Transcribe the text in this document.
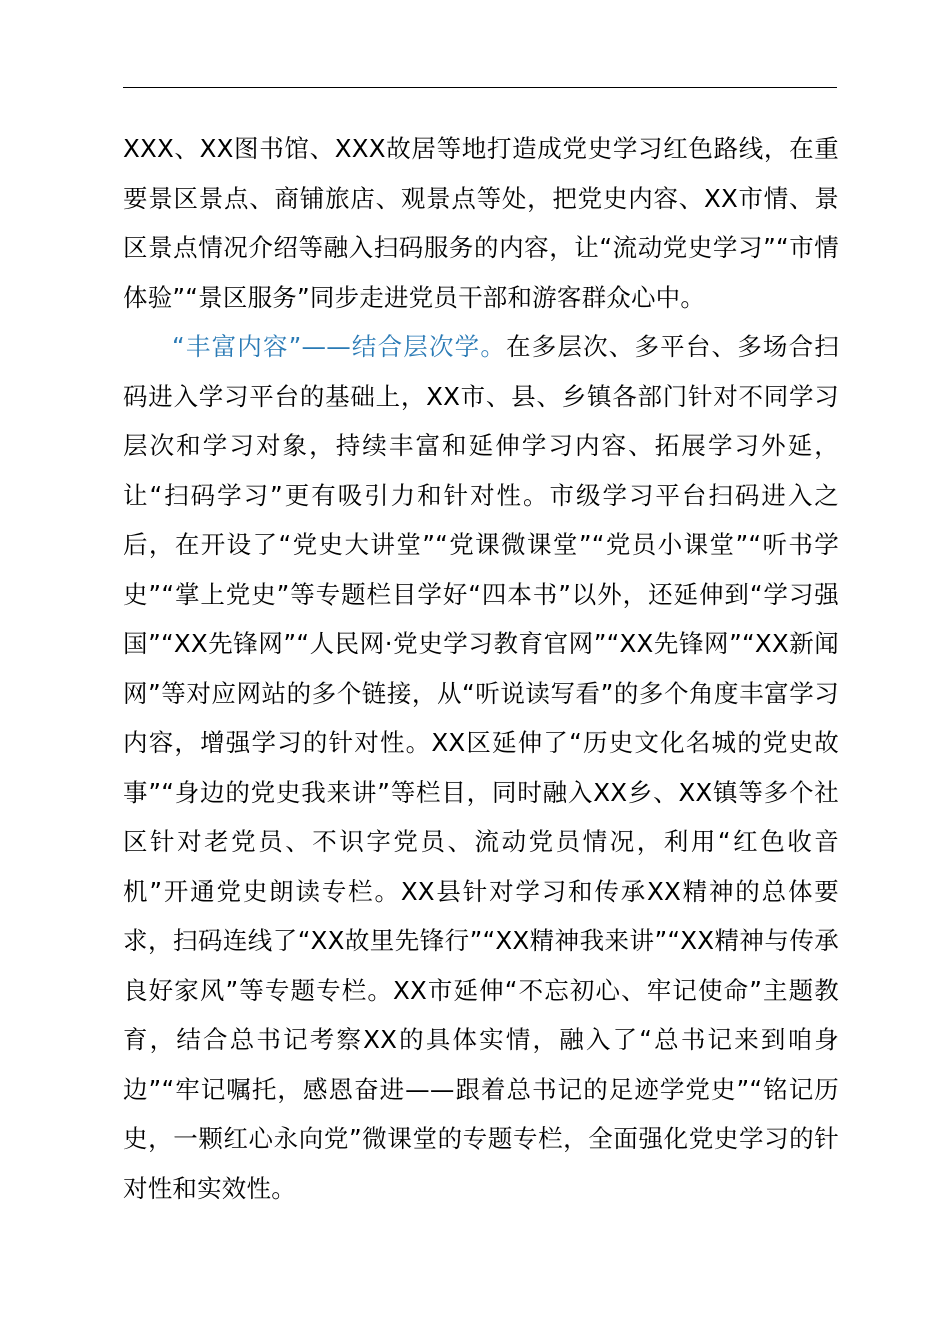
XXX、XX图书馆、XXX故居等地打造成党史学习红色路线，在重要景区景点、商铺旅店、观景点等处，把党史内容、XX市情、景区景点情况介绍等融入扫码服务的内容，让“流动党史学习”“市情体验”“景区服务”同步走进党员干部和游客群众心中。

“丰富内容”——结合层次学。在多层次、多平台、多场合扫码进入学习平台的基础上，XX市、县、乡镇各部门针对不同学习层次和学习对象，持续丰富和延伸学习内容、拓展学习外延，让“扫码学习”更有吸引力和针对性。市级学习平台扫码进入之后，在开设了“党史大讲堂”“党课微课堂”“党员小课堂”“听书学史”“掌上党史”等专题栏目学好“四本书”以外，还延伸到“学习强国”“XX先锋网”“人民网·党史学习教育官网”“XX先锋网”“XX新闻网”等对应网站的多个链接，从“听说读写看”的多个角度丰富学习内容，增强学习的针对性。XX区延伸了“历史文化名城的党史故事”“身边的党史我来讲”等栏目，同时融入XX乡、XX镇等多个社区针对老党员、不识字党员、流动党员情况，利用“红色收音机”开通党史朗读专栏。XX县针对学习和传承XX精神的总体要求，扫码连线了“XX故里先锋行”“XX精神我来讲”“XX精神与传承良好家风”等专题专栏。XX市延伸“不忘初心、牢记使命”主题教育，结合总书记考察XX的具体实情，融入了“总书记来到咱身边”“牢记嘱托，感恩奋进——跟着总书记的足迹学党史”“铭记历史，一颗红心永向党”微课堂的专题专栏，全面强化党史学习的针对性和实效性。
